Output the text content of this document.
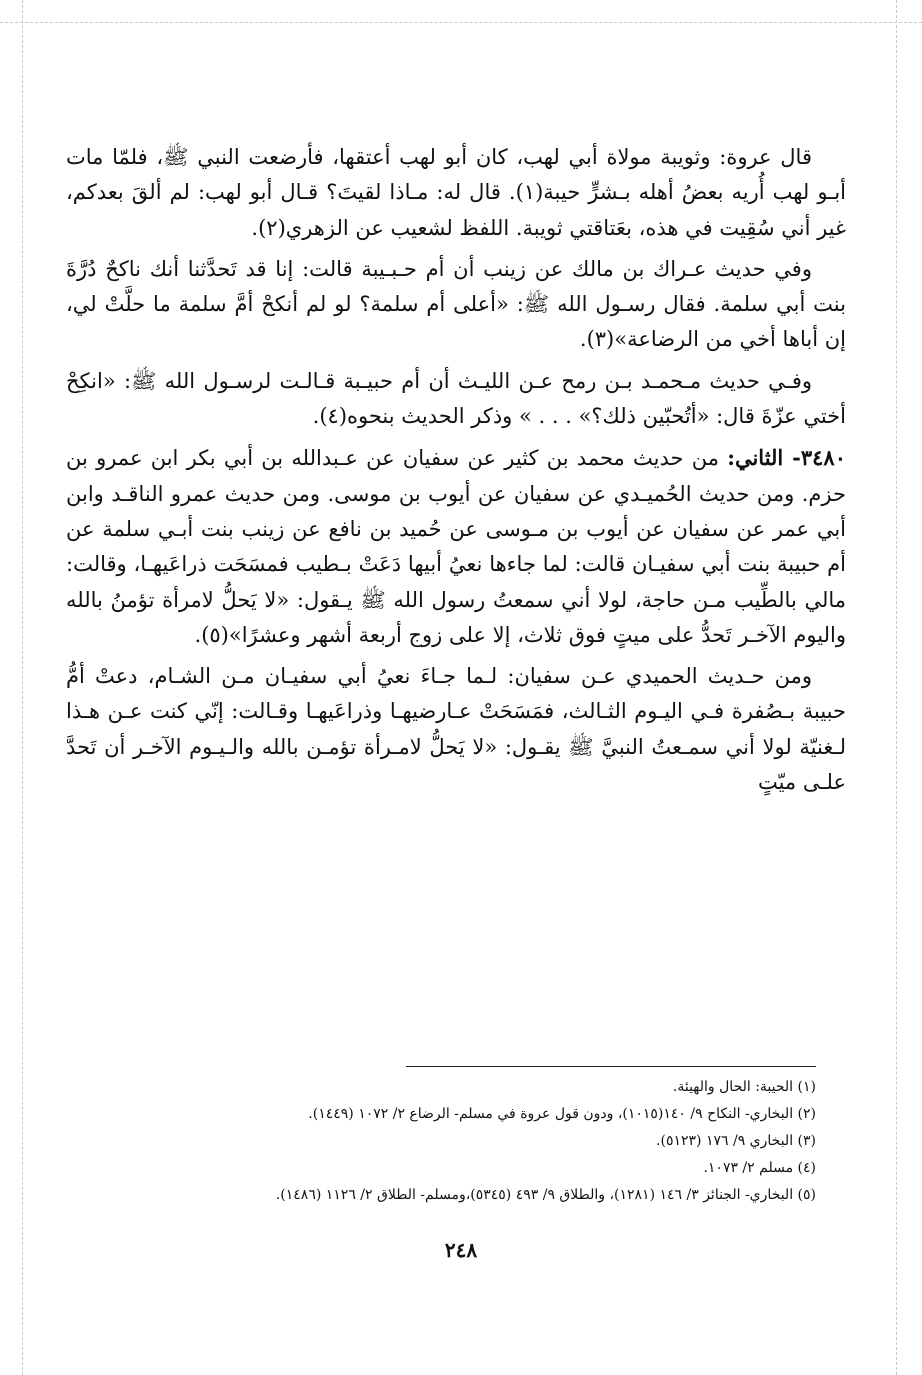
قال عروة: وثويبة مولاة أبي لهب، كان أبو لهب أعتقها، فأرضعت النبي ﷺ، فلمّا مات أبـو لهب أُريه بعضُ أهله بـشرٍّ حيبة(١). قال له: مـاذا لقيتَ؟ قـال أبو لهب: لم ألقَ بعدكم، غير أني سُقِيت في هذه، بعَتاقتي ثويبة. اللفظ لشعيب عن الزهري(٢).

وفي حديث عـراك بن مالك عن زينب أن أم حـبـيبة قالت: إنا قد تَحدَّثنا أنك ناكحٌ دُرَّةَ بنت أبي سلمة. فقال رسـول الله ﷺ: «أعلى أم سلمة؟ لو لم أنكحْ أمَّ سلمة ما حلَّتْ لي، إن أباها أخي من الرضاعة»(٣).

وفـي حديث مـحمـد بـن رمح عـن الليـث أن أم حبيـبة قـالـت لرسـول الله ﷺ: «انكِحْ أختي عزّةَ قال: «أتُحبّين ذلك؟» . . . » وذكر الحديث بنحوه(٤).

٣٤٨٠- الثاني: من حديث محمد بن كثير عن سفيان عن عـبدالله بن أبي بكر ابن عمرو بن حزم. ومن حديث الحُميـدي عن سفيان عن أيوب بن موسى. ومن حديث عمرو الناقـد وابن أبي عمر عن سفيان عن أيوب بن مـوسى عن حُميد بن نافع عن زينب بنت أبـي سلمة عن أم حبيبة بنت أبي سفيـان قالت: لما جاءها نعيُ أبيها دَعَتْ بـطيب فمسَحَت ذراعَيهـا، وقالت: مالي بالطِّيب مـن حاجة، لولا أني سمعتُ رسول الله ﷺ يـقول: «لا يَحلُّ لامرأة تؤمنُ بالله واليوم الآخـر تَحدُّ على ميتٍ فوق ثلاث، إلا على زوج أربعة أشهر وعشرًا»(٥).

ومن حـديث الحميدي عـن سفيان: لـما جـاءَ نعيُ أبي سفيـان مـن الشـام، دعتْ أمُّ حبيبة بـصُفرة فـي اليـوم الثـالث، فمَسَحَتْ عـارضيهـا وذراعَيهـا وقـالت: إنّي كنت عـن هـذا لـغنيّة لولا أني سمـعتُ النبيَّ ﷺ يقـول: «لا يَحلُّ لامـرأة تؤمـن بالله والـيـوم الآخـر أن تَحدَّ علـى ميّتٍ

(١) الحيبة: الحال والهيئة.

(٢) البخاري- النكاح ٩/ ١٤٠(١٠١٥)، ودون قول عروة في مسلم- الرضاع ٢/ ١٠٧٢ (١٤٤٩).

(٣) البخاري ٩/ ١٧٦ (٥١٢٣).

(٤) مسلم ٢/ ١٠٧٣.

(٥) البخاري- الجنائز ٣/ ١٤٦ (١٢٨١)، والطلاق ٩/ ٤٩٣ (٥٣٤٥)،ومسلم- الطلاق ٢/ ١١٢٦ (١٤٨٦).

٢٤٨
